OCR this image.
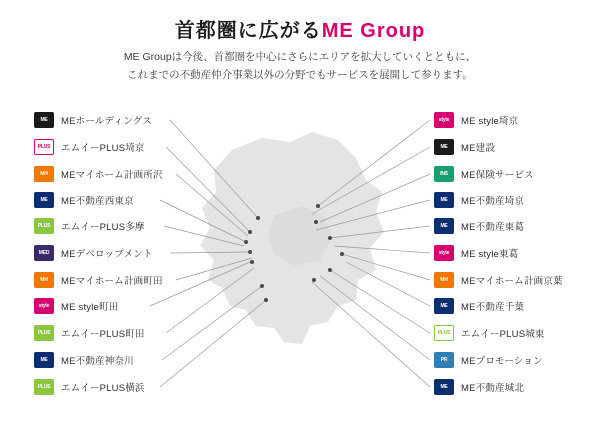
首都圏に広がるME Group
ME Groupは今後、首都圏を中心にさらにエリアを拡大していくとともに、
これまでの不動産仲介事業以外の分野でもサービスを展開して参ります。
ME	MEホールディングス
PLUS	エムイーPLUS埼京
MH	MEマイホーム計画所沢
ME	ME不動産西東京
PLUS	エムイーPLUS多摩
MED	MEデベロップメント
MH	MEマイホーム計画町田
style	ME style町田
PLUS	エムイーPLUS町田
ME	ME不動産神奈川
PLUS	エムイーPLUS横浜
style	ME style埼京
ME	ME建設
INS	ME保険サービス
ME	ME不動産埼京
ME	ME不動産東葛
style	ME style東葛
MH	MEマイホーム計画京葉
ME	ME不動産千葉
PLUS	エムイーPLUS城東
PR	MEプロモーション
ME	ME不動産城北
